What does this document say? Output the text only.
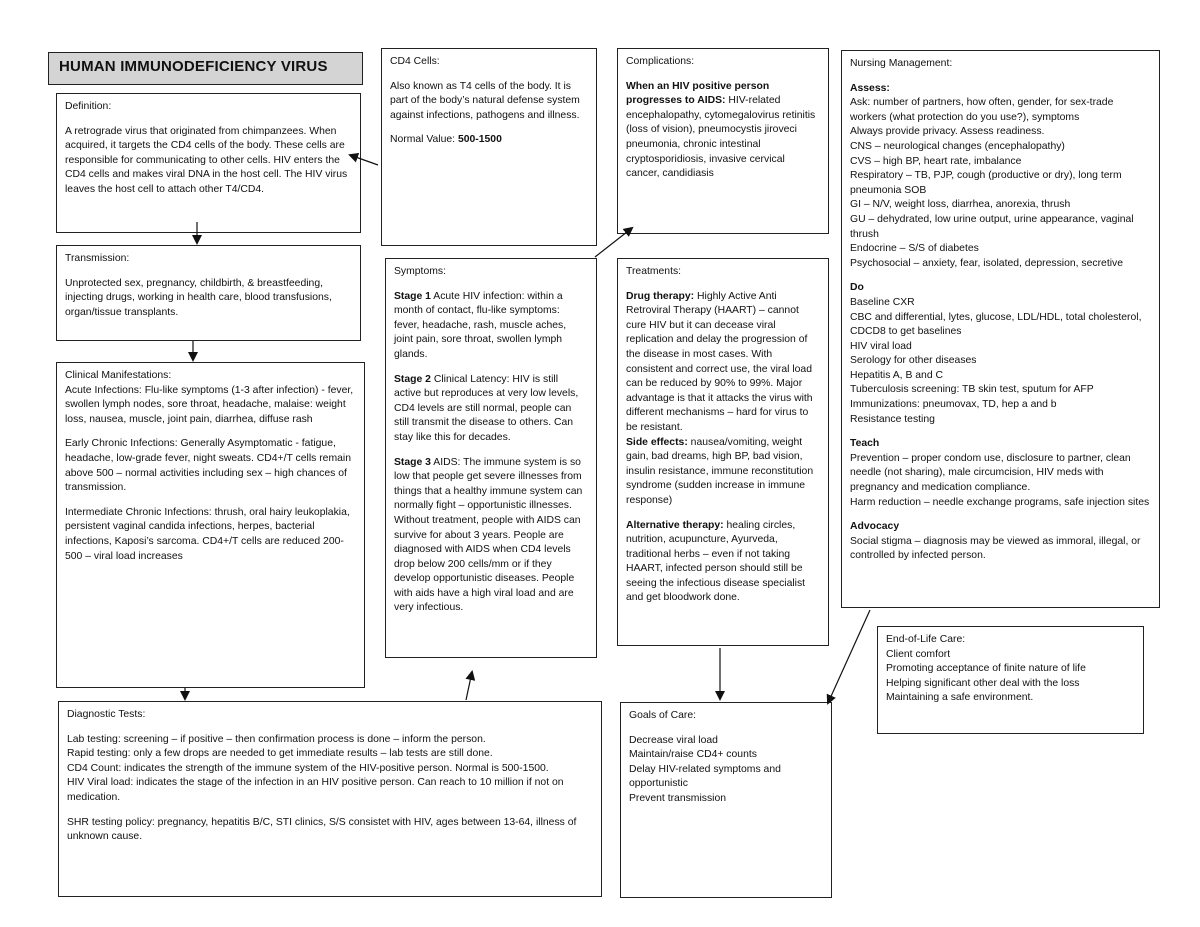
HUMAN IMMUNODEFICIENCY VIRUS

Definition:

A retrograde virus that originated from chimpanzees. When acquired, it targets the CD4 cells of the body. These cells are responsible for communicating to other cells. HIV enters the CD4 cells and makes viral DNA in the host cell. The HIV virus leaves the host cell to attach other T4/CD4.

CD4 Cells:

Also known as T4 cells of the body. It is part of the body’s natural defense system against infections, pathogens and illness.

Normal Value: 500-1500

Complications:

When an HIV positive person progresses to AIDS: HIV-related encephalopathy, cytomegalovirus retinitis (loss of vision), pneumocystis jiroveci pneumonia, chronic intestinal cryptosporidiosis, invasive cervical cancer, candidiasis

Nursing Management:

Assess:

Ask: number of partners, how often, gender, for sex-trade workers (what protection do you use?), symptoms

Always provide privacy. Assess readiness.

CNS – neurological changes (encephalopathy)

CVS – high BP, heart rate, imbalance

Respiratory – TB, PJP, cough (productive or dry), long term pneumonia SOB

GI – N/V, weight loss, diarrhea, anorexia, thrush

GU – dehydrated, low urine output, urine appearance, vaginal thrush

Endocrine – S/S of diabetes

Psychosocial – anxiety, fear, isolated, depression, secretive

Do

Baseline CXR

CBC and differential, lytes, glucose, LDL/HDL, total cholesterol, CDCD8 to get baselines

HIV viral load

Serology for other diseases

Hepatitis A, B and C

Tuberculosis screening: TB skin test, sputum for AFP

Immunizations: pneumovax, TD, hep a and b

Resistance testing

Teach

Prevention – proper condom use, disclosure to partner, clean needle (not sharing), male circumcision, HIV meds with pregnancy and medication compliance.

Harm reduction – needle exchange programs, safe injection sites

Advocacy

Social stigma – diagnosis may be viewed as immoral, illegal, or controlled by infected person.

Transmission:

Unprotected sex, pregnancy, childbirth, & breastfeeding, injecting drugs, working in health care, blood transfusions, organ/tissue transplants.

Symptoms:

Stage 1 Acute HIV infection: within a month of contact, flu-like symptoms: fever, headache, rash, muscle aches, joint pain, sore throat, swollen lymph glands.

Stage 2 Clinical Latency: HIV is still active but reproduces at very low levels, CD4 levels are still normal, people can still transmit the disease to others. Can stay like this for decades.

Stage 3 AIDS: The immune system is so low that people get severe illnesses from things that a healthy immune system can normally fight – opportunistic illnesses. Without treatment, people with AIDS can survive for about 3 years. People are diagnosed with AIDS when CD4 levels drop below 200 cells/mm or if they develop opportunistic diseases. People with aids have a high viral load and are very infectious.

Treatments:

Drug therapy: Highly Active Anti Retroviral Therapy (HAART) – cannot cure HIV but it can decease viral replication and delay the progression of the disease in most cases. With consistent and correct use, the viral load can be reduced by 90% to 99%. Major advantage is that it attacks the virus with different mechanisms – hard for virus to be resistant.

Side effects: nausea/vomiting, weight gain, bad dreams, high BP, bad vision, insulin resistance, immune reconstitution syndrome (sudden increase in immune response)

Alternative therapy: healing circles, nutrition, acupuncture, Ayurveda, traditional herbs – even if not taking HAART, infected person should still be seeing the infectious disease specialist and get bloodwork done.

Clinical Manifestations:

Acute Infections: Flu-like symptoms (1-3 after infection) - fever, swollen lymph nodes, sore throat, headache, malaise: weight loss, nausea, muscle, joint pain, diarrhea, diffuse rash

Early Chronic Infections: Generally Asymptomatic - fatigue, headache, low-grade fever, night sweats. CD4+/T cells remain above 500 – normal activities including sex – high chances of transmission.

Intermediate Chronic Infections: thrush, oral hairy leukoplakia, persistent vaginal candida infections, herpes, bacterial infections, Kaposi’s sarcoma. CD4+/T cells are reduced 200-500 – viral load increases

End-of-Life Care:

Client comfort

Promoting acceptance of finite nature of life

Helping significant other deal with the loss

Maintaining a safe environment.

Diagnostic Tests:

Lab testing: screening – if positive – then confirmation process is done – inform the person.

Rapid testing: only a few drops are needed to get immediate results – lab tests are still done.

CD4 Count: indicates the strength of the immune system of the HIV-positive person. Normal is 500-1500.

HIV Viral load: indicates the stage of the infection in an HIV positive person. Can reach to 10 million if not on medication.

SHR testing policy: pregnancy, hepatitis B/C, STI clinics, S/S consistet with HIV, ages between 13-64, illness of unknown cause.

Goals of Care:

Decrease viral load

Maintain/raise CD4+ counts

Delay HIV-related symptoms and opportunistic

Prevent transmission
